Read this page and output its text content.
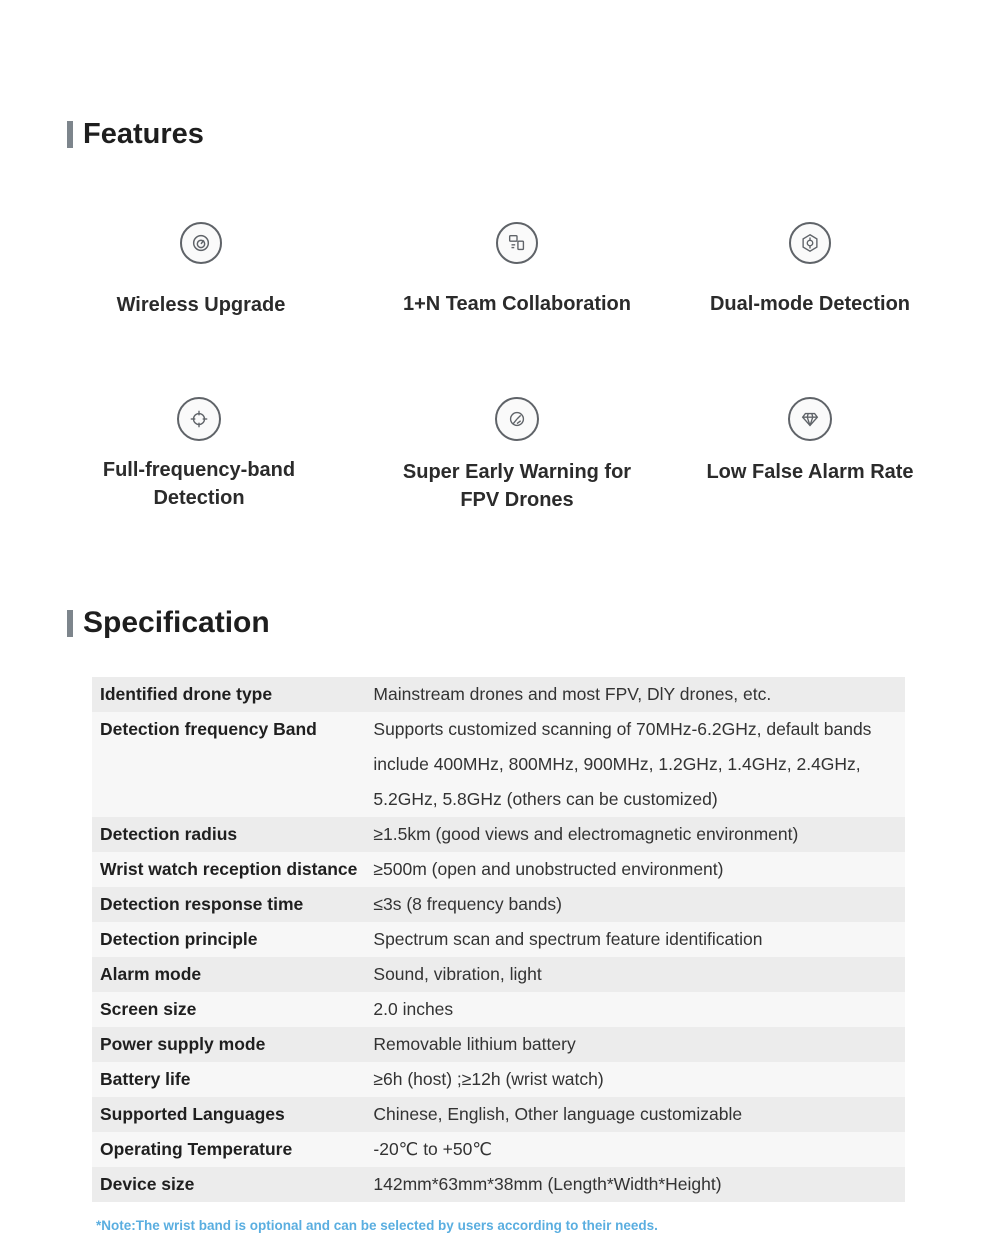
Features
Wireless Upgrade	1+N Team Collaboration	Dual-mode Detection
Full-frequency-band
Detection
Super Early Warning for
FPV Drones
Low False Alarm Rate
Specification
Identified drone type	Mainstream drones and most FPV, DlY drones, etc.
Detection frequency Band	Supports customized scanning of 70MHz-6.2GHz, default bands
include 400MHz, 800MHz, 900MHz, 1.2GHz, 1.4GHz, 2.4GHz,
5.2GHz, 5.8GHz (others can be customized)

Detection radius	≥1.5km (good views and electromagnetic environment)
Wrist watch reception distance	≥500m (open and unobstructed environment)
Detection response time	≤3s (8 frequency bands)
Detection principle	Spectrum scan and spectrum feature identification
Alarm mode	Sound, vibration, light
Screen size	2.0 inches
Power supply mode	Removable lithium battery
Battery life	≥6h (host) ;≥12h (wrist watch)
Supported Languages	Chinese, English, Other language customizable
Operating Temperature	-20℃ to +50℃
Device size	142mm*63mm*38mm (Length*Width*Height)
*Note:The wrist band is optional and can be selected by users according to their needs.
